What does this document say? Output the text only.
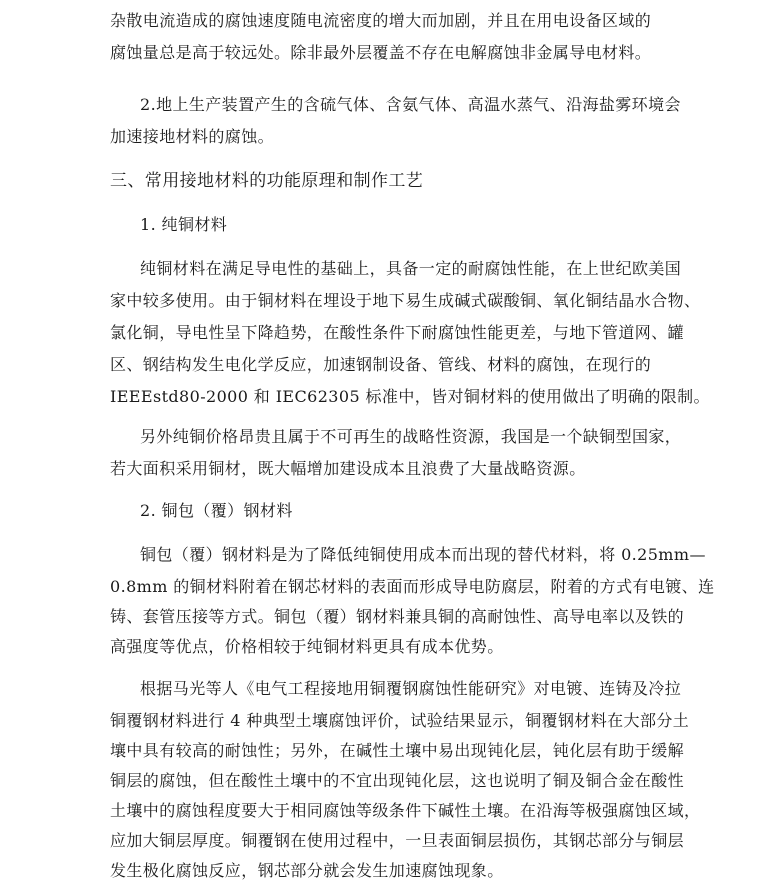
杂散电流造成的腐蚀速度随电流密度的增大而加剧，并且在用电设备区域的
腐蚀量总是高于较远处。除非最外层覆盖不存在电解腐蚀非金属导电材料。
2.地上生产装置产生的含硫气体、含氨气体、高温水蒸气、沿海盐雾环境会
加速接地材料的腐蚀。
三、常用接地材料的功能原理和制作工艺
1. 纯铜材料
纯铜材料在满足导电性的基础上，具备一定的耐腐蚀性能，在上世纪欧美国
家中较多使用。由于铜材料在埋设于地下易生成碱式碳酸铜、氧化铜结晶水合物、
氯化铜，导电性呈下降趋势，在酸性条件下耐腐蚀性能更差，与地下管道网、罐
区、钢结构发生电化学反应，加速钢制设备、管线、材料的腐蚀，在现行的
IEEEstd80-2000 和 IEC62305 标准中，皆对铜材料的使用做出了明确的限制。
另外纯铜价格昂贵且属于不可再生的战略性资源，我国是一个缺铜型国家，
若大面积采用铜材，既大幅增加建设成本且浪费了大量战略资源。
2. 铜包（覆）钢材料
铜包（覆）钢材料是为了降低纯铜使用成本而出现的替代材料，将 0.25mm—
0.8mm 的铜材料附着在钢芯材料的表面而形成导电防腐层，附着的方式有电镀、连
铸、套管压接等方式。铜包（覆）钢材料兼具铜的高耐蚀性、高导电率以及铁的
高强度等优点，价格相较于纯铜材料更具有成本优势。
根据马光等人《电气工程接地用铜覆钢腐蚀性能研究》对电镀、连铸及冷拉
铜覆钢材料进行 4 种典型土壤腐蚀评价，试验结果显示，铜覆钢材料在大部分土
壤中具有较高的耐蚀性；另外，在碱性土壤中易出现钝化层，钝化层有助于缓解
铜层的腐蚀，但在酸性土壤中的不宜出现钝化层，这也说明了铜及铜合金在酸性
土壤中的腐蚀程度要大于相同腐蚀等级条件下碱性土壤。在沿海等极强腐蚀区域，
应加大铜层厚度。铜覆钢在使用过程中，一旦表面铜层损伤，其钢芯部分与铜层
发生极化腐蚀反应，钢芯部分就会发生加速腐蚀现象。
